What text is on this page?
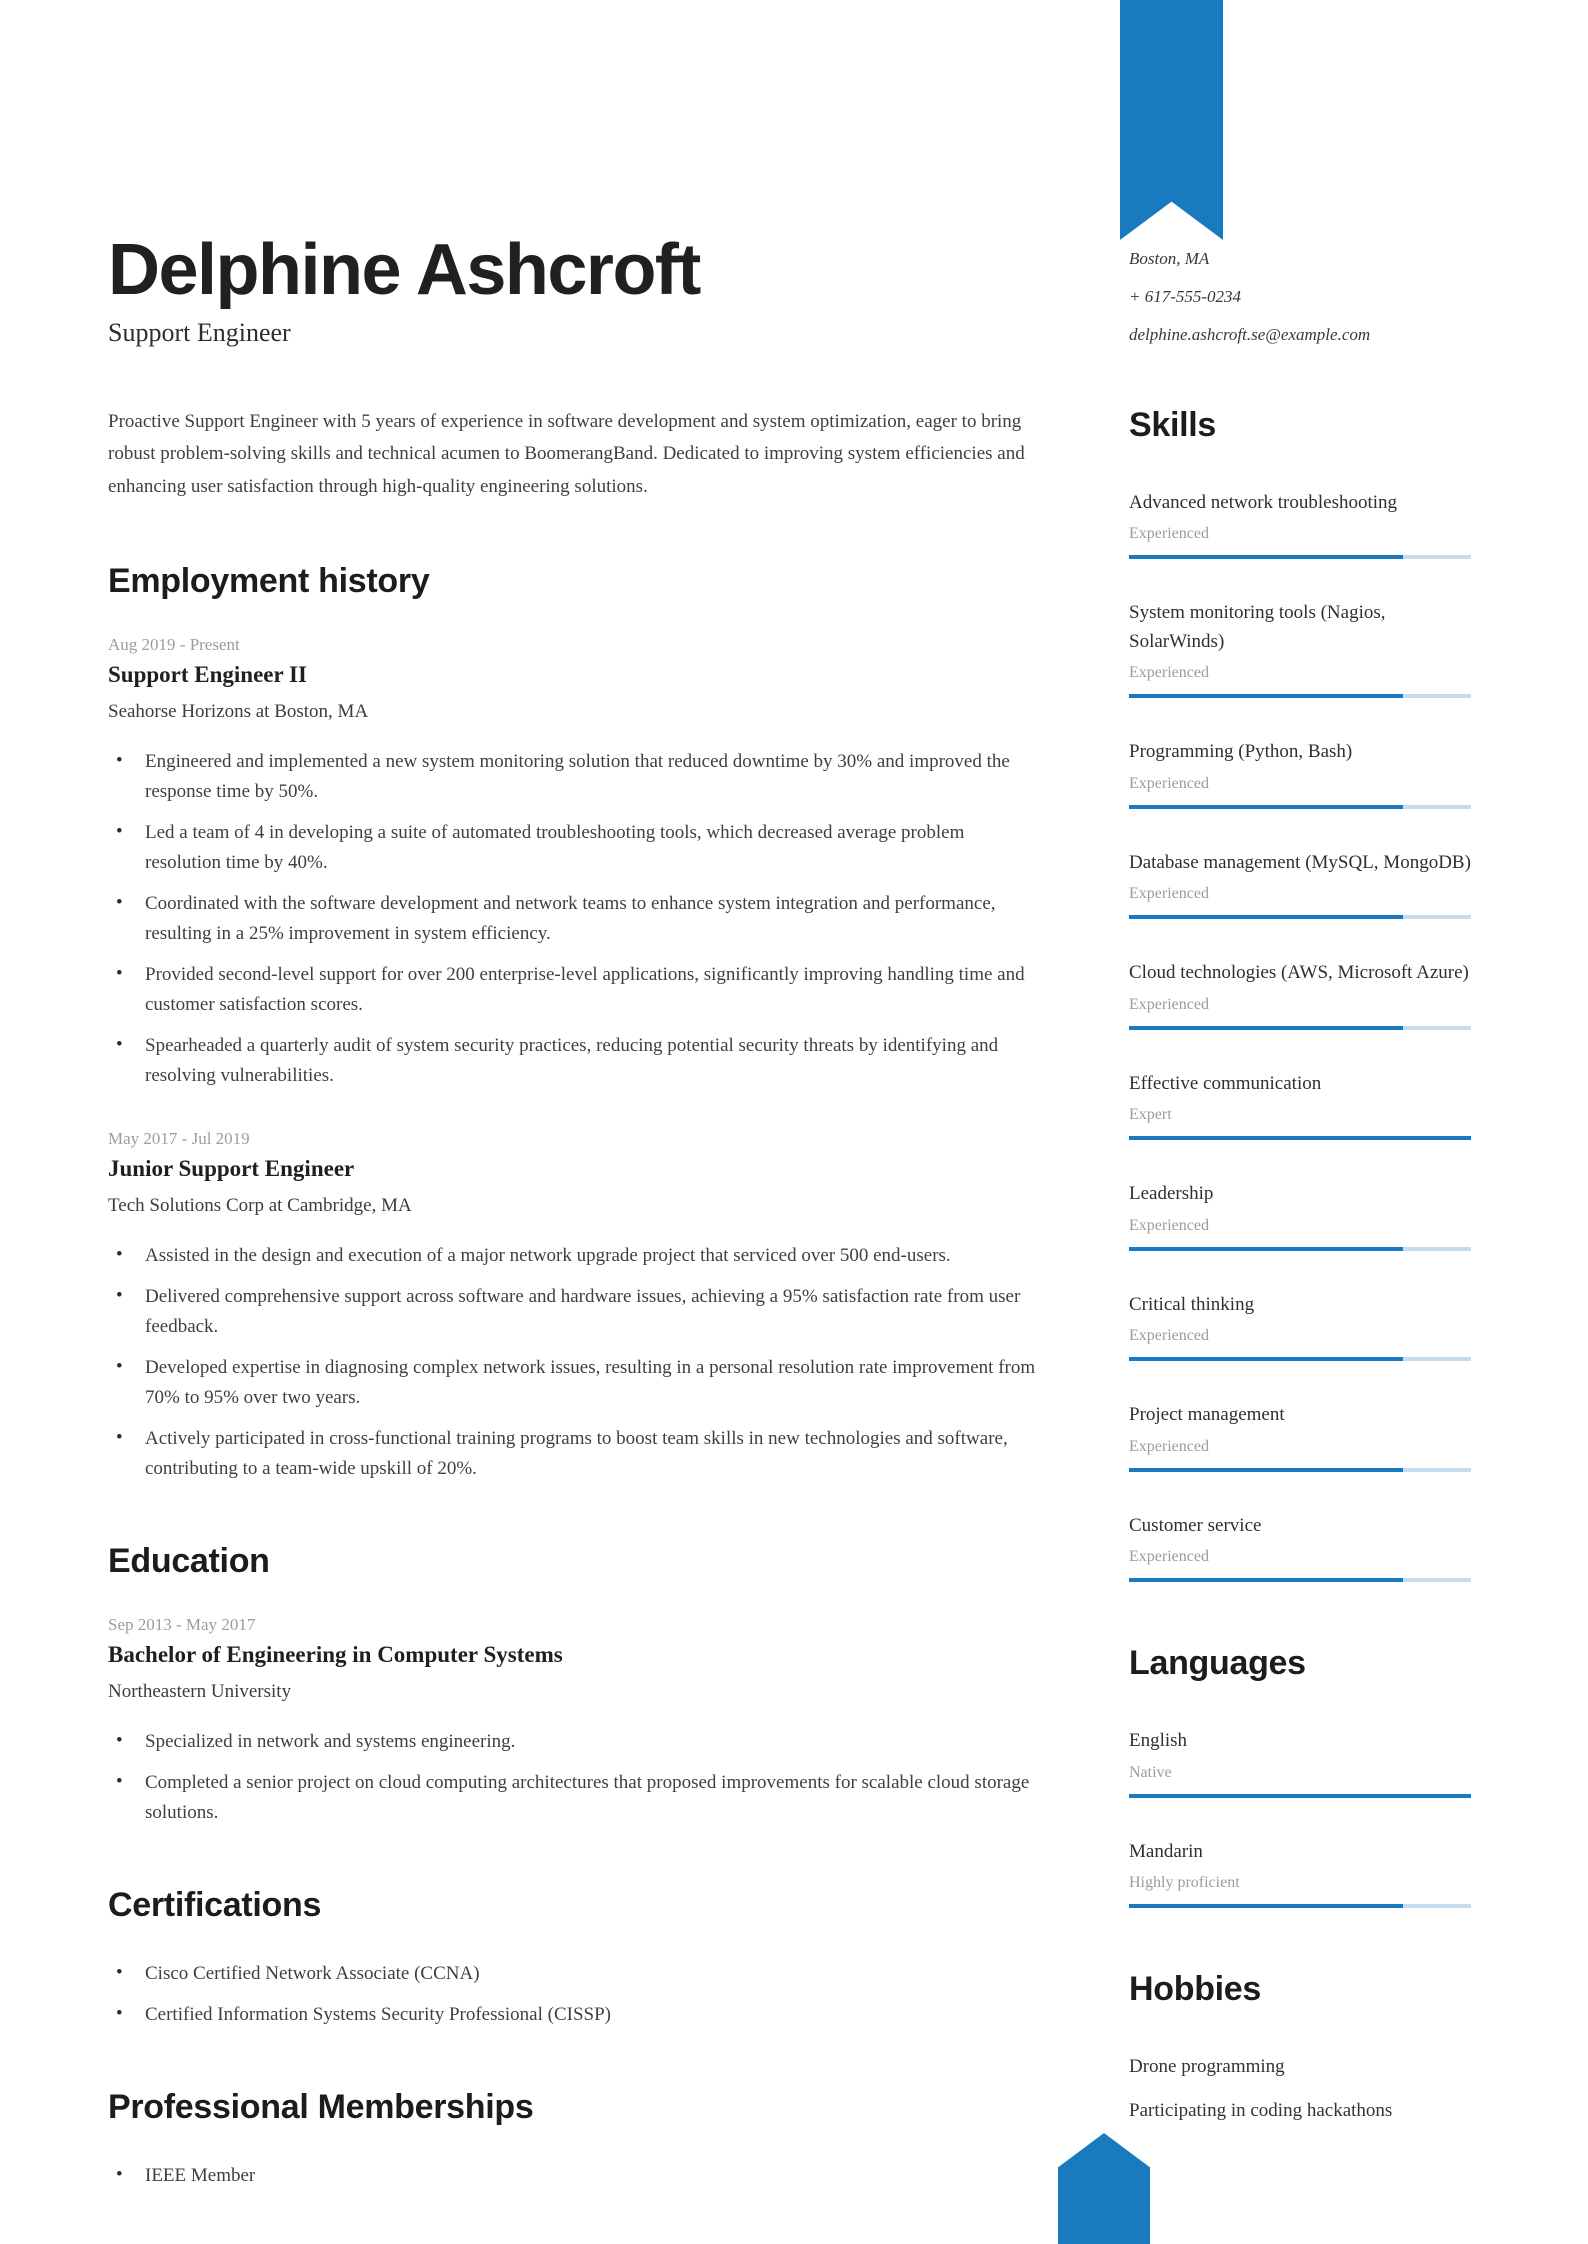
Delphine Ashcroft
Support Engineer

Proactive Support Engineer with 5 years of experience in software development and system optimization, eager to bring robust problem-solving skills and technical acumen to BoomerangBand. Dedicated to improving system efficiencies and enhancing user satisfaction through high-quality engineering solutions.

Employment history
Aug 2019 - Present
Support Engineer II
Seahorse Horizons at Boston, MA
• Engineered and implemented a new system monitoring solution that reduced downtime by 30% and improved the response time by 50%.
• Led a team of 4 in developing a suite of automated troubleshooting tools, which decreased average problem resolution time by 40%.
• Coordinated with the software development and network teams to enhance system integration and performance, resulting in a 25% improvement in system efficiency.
• Provided second-level support for over 200 enterprise-level applications, significantly improving handling time and customer satisfaction scores.
• Spearheaded a quarterly audit of system security practices, reducing potential security threats by identifying and resolving vulnerabilities.
May 2017 - Jul 2019
Junior Support Engineer
Tech Solutions Corp at Cambridge, MA
• Assisted in the design and execution of a major network upgrade project that serviced over 500 end-users.
• Delivered comprehensive support across software and hardware issues, achieving a 95% satisfaction rate from user feedback.
• Developed expertise in diagnosing complex network issues, resulting in a personal resolution rate improvement from 70% to 95% over two years.
• Actively participated in cross-functional training programs to boost team skills in new technologies and software, contributing to a team-wide upskill of 20%.
Education
Sep 2013 - May 2017
Bachelor of Engineering in Computer Systems
Northeastern University
• Specialized in network and systems engineering.
• Completed a senior project on cloud computing architectures that proposed improvements for scalable cloud storage solutions.
Certifications
• Cisco Certified Network Associate (CCNA)
• Certified Information Systems Security Professional (CISSP)
Professional Memberships
• IEEE Member
Boston, MA
+ 617-555-0234
delphine.ashcroft.se@example.com
Skills
Advanced network troubleshooting
Experienced
System monitoring tools (Nagios, SolarWinds)
Experienced
Programming (Python, Bash)
Experienced
Database management (MySQL, MongoDB)
Experienced
Cloud technologies (AWS, Microsoft Azure)
Experienced
Effective communication
Expert
Leadership
Experienced
Critical thinking
Experienced
Project management
Experienced
Customer service
Experienced
Languages
English
Native
Mandarin
Highly proficient
Hobbies
Drone programming
Participating in coding hackathons
